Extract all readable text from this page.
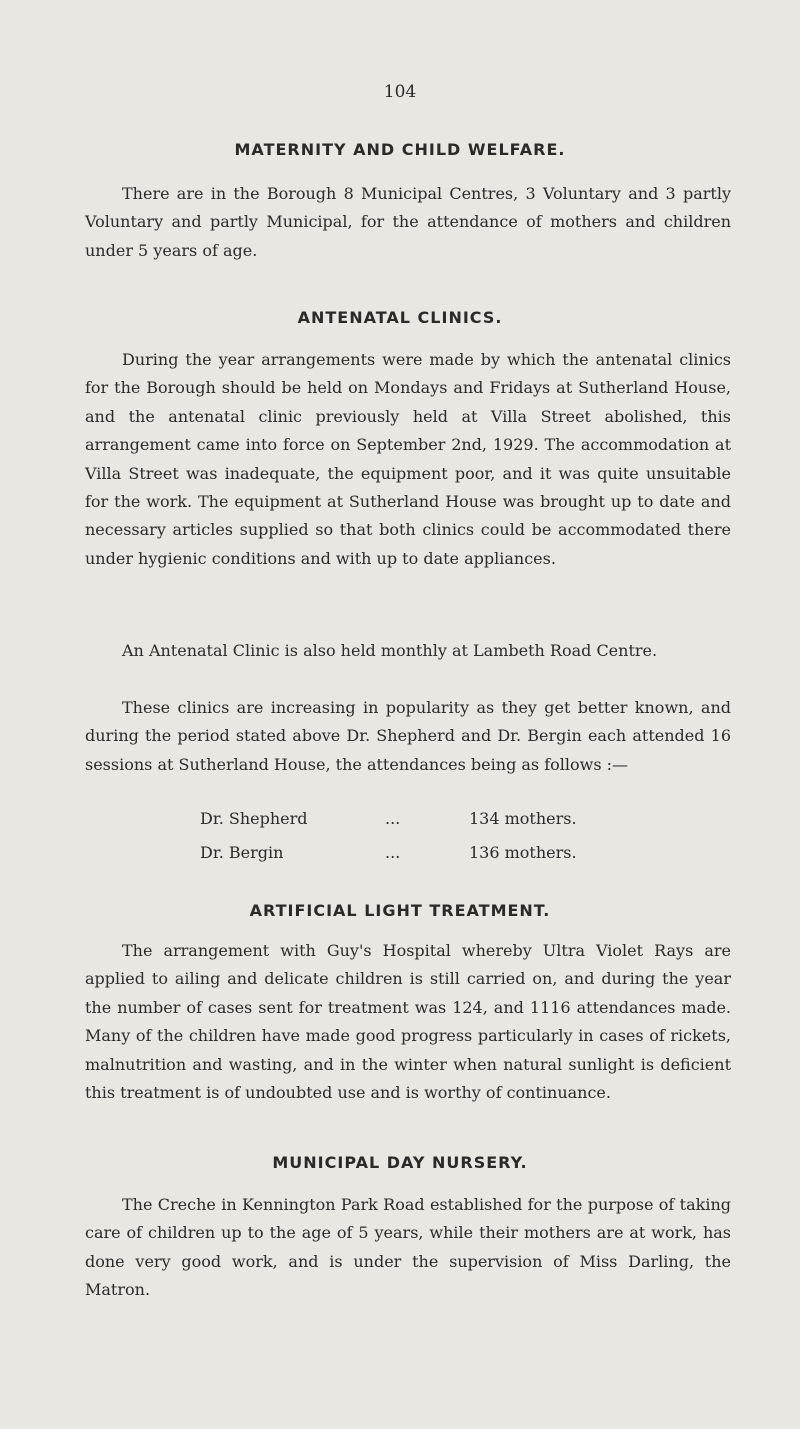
104
MATERNITY AND CHILD WELFARE.

There are in the Borough 8 Municipal Centres, 3 Voluntary and 3 partly Voluntary and partly Municipal, for the attendance of mothers and children under 5 years of age.

ANTENATAL CLINICS.

During the year arrangements were made by which the antenatal clinics for the Borough should be held on Mondays and Fridays at Sutherland House, and the antenatal clinic previously held at Villa Street abolished, this arrangement came into force on September 2nd, 1929. The accommodation at Villa Street was inadequate, the equipment poor, and it was quite unsuitable for the work. The equipment at Sutherland House was brought up to date and necessary articles supplied so that both clinics could be accommodated there under hygienic conditions and with up to date appliances.

An Antenatal Clinic is also held monthly at Lambeth Road Centre.

These clinics are increasing in popularity as they get better known, and during the period stated above Dr. Shepherd and Dr. Bergin each attended 16 sessions at Sutherland House, the attendances being as follows :—

Dr. Shepherd	...	134 mothers.
Dr. Bergin	...	136 mothers.
ARTIFICIAL LIGHT TREATMENT.

The arrangement with Guy's Hospital whereby Ultra Violet Rays are applied to ailing and delicate children is still carried on, and during the year the number of cases sent for treatment was 124, and 1116 attendances made. Many of the children have made good progress particularly in cases of rickets, malnutrition and wasting, and in the winter when natural sunlight is deficient this treatment is of undoubted use and is worthy of continuance.

MUNICIPAL DAY NURSERY.

The Creche in Kennington Park Road established for the purpose of taking care of children up to the age of 5 years, while their mothers are at work, has done very good work, and is under the supervision of Miss Darling, the Matron.
